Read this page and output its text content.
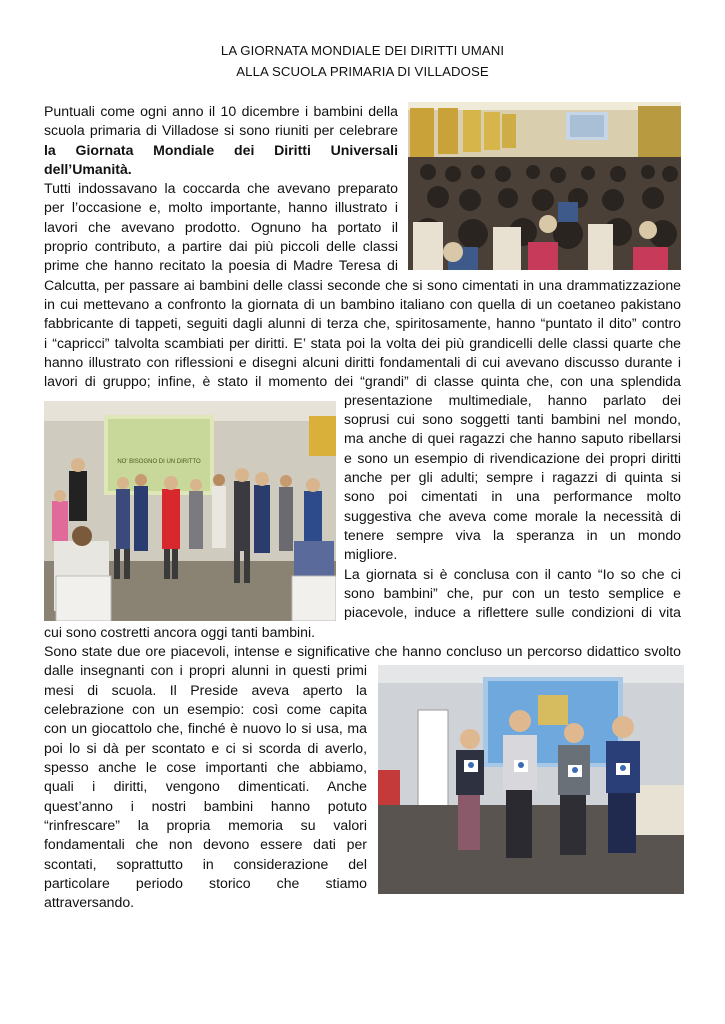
LA GIORNATA MONDIALE DEI DIRITTI UMANI
ALLA SCUOLA PRIMARIA DI VILLADOSE
Puntuali come ogni anno il 10 dicembre i bambini della
scuola primaria di Villadose si sono riuniti per celebrare
la Giornata Mondiale dei Diritti Universali
dell’Umanità.
Tutti indossavano la coccarda che avevano preparato
per l’occasione e, molto importante, hanno illustrato i
lavori che avevano prodotto. Ognuno ha portato il
proprio contributo, a partire dai più piccoli delle classi
prime che hanno recitato la poesia di Madre Teresa di
Calcutta, per passare ai bambini delle classi seconde che si sono cimentati in una drammatizzazione
in cui mettevano a confronto la giornata di un bambino italiano con quella di un coetaneo pakistano
fabbricante di tappeti, seguiti dagli alunni di terza che, spiritosamente, hanno “puntato il dito” contro
i “capricci” talvolta scambiati per diritti. E’ stata poi la volta dei più grandicelli delle classi quarte che
hanno illustrato con riflessioni e disegni alcuni diritti fondamentali di cui avevano discusso durante i
lavori di gruppo; infine, è stato il momento dei “grandi” di classe quinta che, con una splendida
NO' BISOGNO DI UN DIRITTO
presentazione multimediale, hanno parlato dei
soprusi cui sono soggetti tanti bambini nel mondo,
ma anche di quei ragazzi che hanno saputo ribellarsi
e sono un esempio di rivendicazione dei propri diritti
anche per gli adulti; sempre i ragazzi di quinta si
sono poi cimentati in una performance molto
suggestiva che aveva come morale la necessità di
tenere sempre viva la speranza in un mondo
migliore.
La giornata si è conclusa con il canto “Io so che ci
sono bambini” che, pur con un testo semplice e
piacevole, induce a riflettere sulle condizioni di vita
cui sono costretti ancora oggi tanti bambini.
Sono state due ore piacevoli, intense e significative che hanno concluso un percorso didattico svolto
dalle insegnanti con i propri alunni in questi primi
mesi di scuola. Il Preside aveva aperto la
celebrazione con un esempio: così come capita
con un giocattolo che, finché è nuovo lo si usa, ma
poi lo si dà per scontato e ci si scorda di averlo,
spesso anche le cose importanti che abbiamo,
quali i diritti, vengono dimenticati. Anche
quest’anno i nostri bambini hanno potuto
“rinfrescare” la propria memoria su valori
fondamentali che non devono essere dati per
scontati, soprattutto in considerazione del
particolare periodo storico che stiamo
attraversando.
